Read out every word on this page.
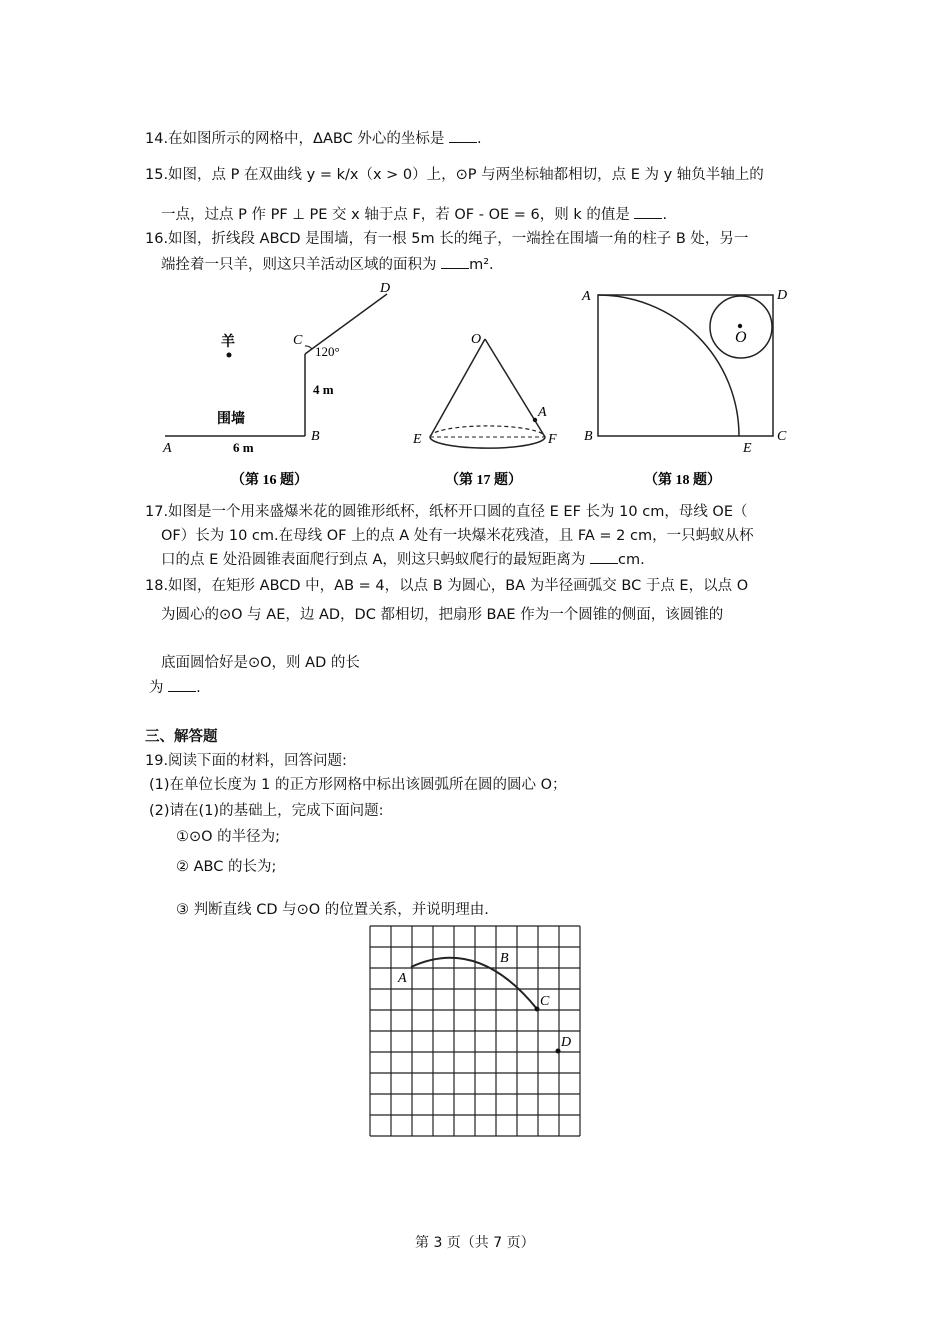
14.在如图所示的网格中，ΔABC 外心的坐标是 .
15.如图，点 P 在双曲线 y = k/x（x > 0）上，⊙P 与两坐标轴都相切，点 E 为 y 轴负半轴上的
一点，过点 P 作 PF ⊥ PE 交 x 轴于点 F，若 OF - OE = 6，则 k 的值是 .
16.如图，折线段 ABCD 是围墙，有一根 5m 长的绳子，一端拴在围墙一角的柱子 B 处，另一
端拴着一只羊，则这只羊活动区域的面积为 m².
羊
围墙
120°
4 m
6 m
A
B
C
D
（第 16 题）
O
A
E	F
（第 17 题）
A	D
B	C
E
O
（第 18 题）
17.如图是一个用来盛爆米花的圆锥形纸杯，纸杯开口圆的直径 E EF 长为 10 cm，母线 OE（
OF）长为 10 cm.在母线 OF 上的点 A 处有一块爆米花残渣，且 FA = 2 cm，一只蚂蚁从杯
口的点 E 处沿圆锥表面爬行到点 A，则这只蚂蚁爬行的最短距离为 cm.
18.如图，在矩形 ABCD 中，AB = 4，以点 B 为圆心，BA 为半径画弧交 BC 于点 E，以点 O
为圆心的⊙O 与 AE，边 AD，DC 都相切，把扇形 BAE 作为一个圆锥的侧面，该圆锥的
底面圆恰好是⊙O，则 AD 的长
为 .
三、解答题
19.阅读下面的材料，回答问题:
(1)在单位长度为 1 的正方形网格中标出该圆弧所在圆的圆心 O；
(2)请在(1)的基础上，完成下面问题:
①⊙O 的半径为;
② ABC 的长为;
③ 判断直线 CD 与⊙O 的位置关系，并说明理由.
A
B
C
D
第 3 页（共 7 页）
